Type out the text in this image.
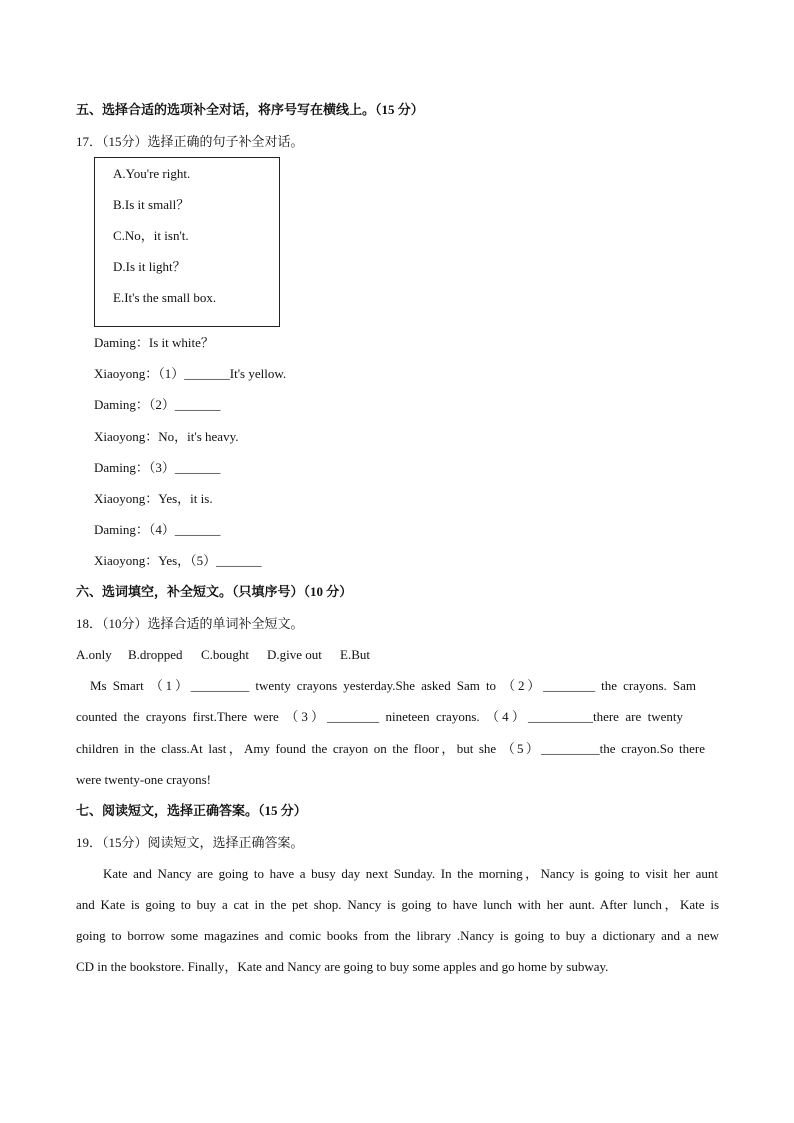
五、选择合适的选项补全对话，将序号写在横线上。（15 分）
17．（15分）选择正确的句子补全对话。
A.You're right.
B.Is it small？
C.No，it isn't.
D.Is it light？
E.It's the small box.
Daming：Is it white？
Xiaoyong：（1）_______It's yellow.
Daming：（2）_______
Xiaoyong：No，it's heavy.
Daming：（3）_______
Xiaoyong：Yes，it is.
Daming：（4）_______
Xiaoyong：Yes，（5）_______
六、选词填空，补全短文。（只填序号）（10 分）
18．（10分）选择合适的单词补全短文。
A.only B.dropped C.bought D.give out E.But
Ms Smart （1）_________ twenty crayons yesterday.She asked Sam to （2）________ the crayons. Sam
counted the crayons first.There were （3）________ nineteen crayons. （4）__________there are twenty
children in the class.At last，Amy found the crayon on the floor，but she （5）_________the crayon.So there
were twenty-one crayons!
七、阅读短文，选择正确答案。（15 分）
19．（15分）阅读短文，选择正确答案。
Kate and Nancy are going to have a busy day next Sunday. In the morning，Nancy is going to visit her aunt
and Kate is going to buy a cat in the pet shop. Nancy is going to have lunch with her aunt. After lunch，Kate is
going to borrow some magazines and comic books from the library .Nancy is going to buy a dictionary and a new
CD in the bookstore. Finally，Kate and Nancy are going to buy some apples and go home by subway.
